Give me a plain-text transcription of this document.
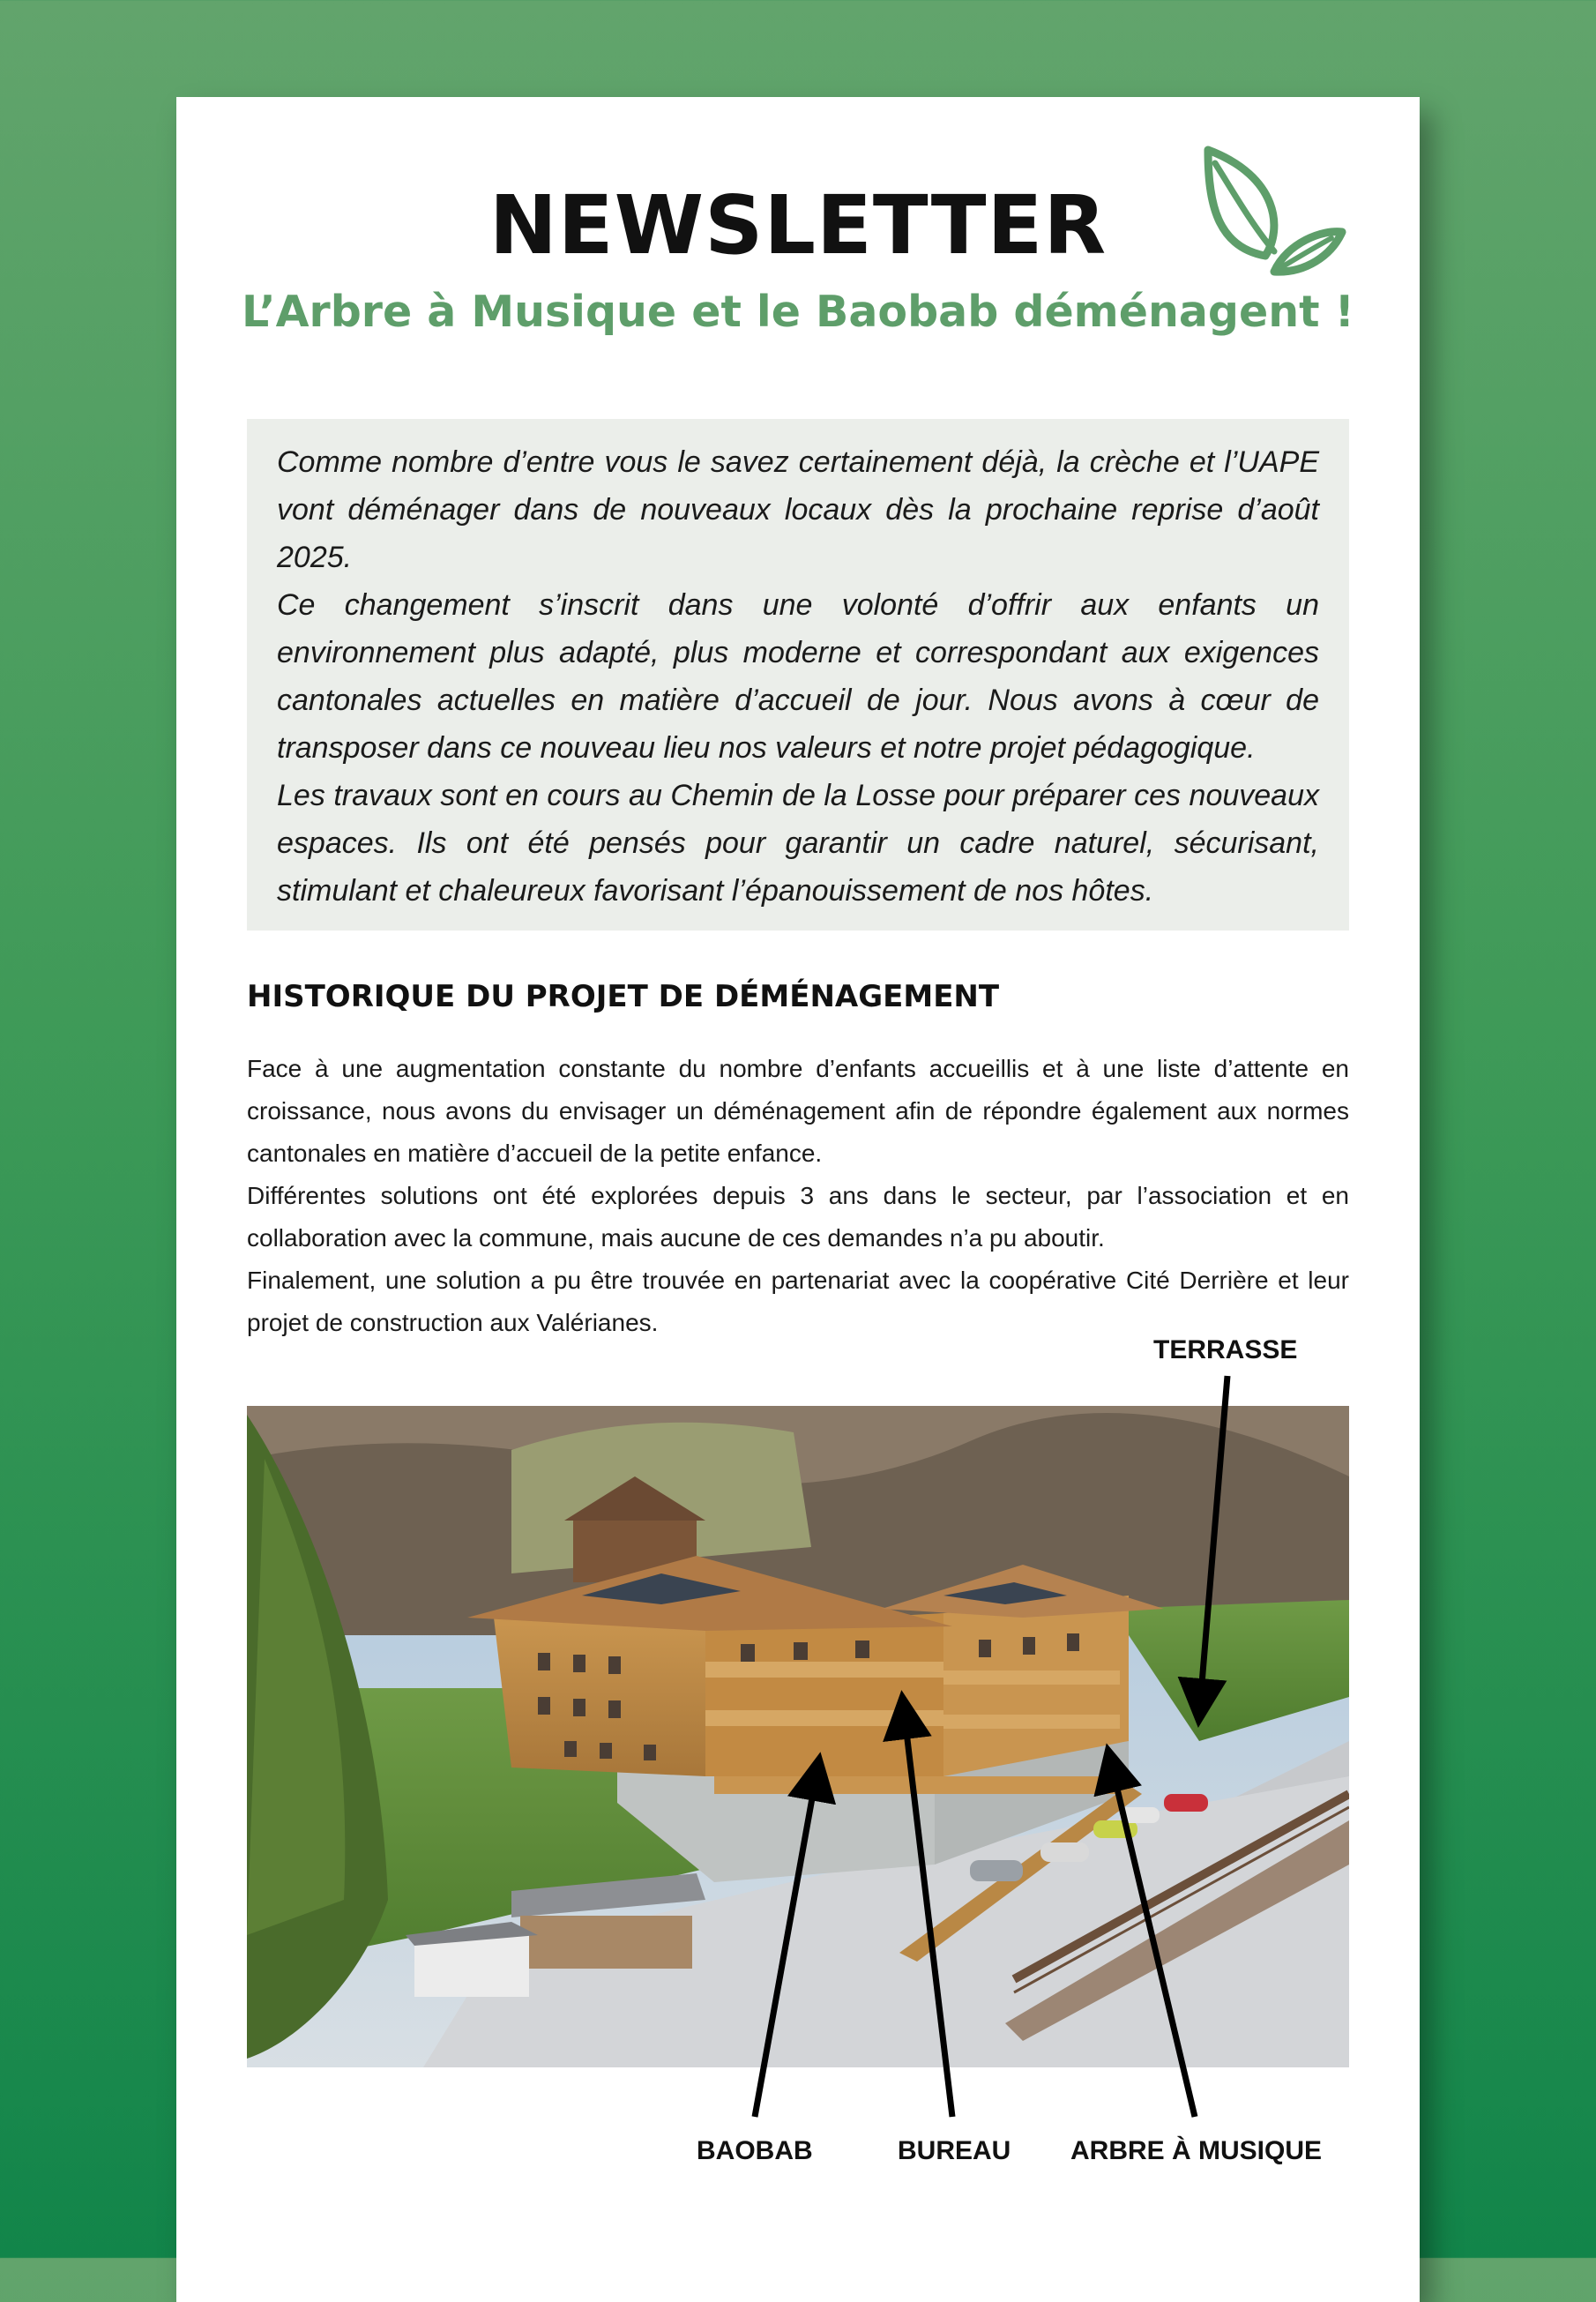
NEWSLETTER
L’Arbre à Musique et le Baobab déménagent !

Comme nombre d’entre vous le savez certainement déjà, la crèche et l’UAPE vont déménager dans de nouveaux locaux dès la prochaine reprise d’août 2025.

Ce changement s’inscrit dans une volonté d’offrir aux enfants un environnement plus adapté, plus moderne et correspondant aux exigences cantonales actuelles en matière d’accueil de jour. Nous avons à cœur de transposer dans ce nouveau lieu nos valeurs et notre projet pédagogique.

Les travaux sont en cours au Chemin de la Losse pour préparer ces nouveaux espaces. Ils ont été pensés pour garantir un cadre naturel, sécurisant, stimulant et chaleureux favorisant l’épanouissement de nos hôtes.

HISTORIQUE DU PROJET DE DÉMÉNAGEMENT

Face à une augmentation constante du nombre d’enfants accueillis et à une liste d’attente en croissance, nous avons du envisager un déménagement afin de répondre également aux normes cantonales en matière d’accueil de la petite enfance.

Différentes solutions ont été explorées depuis 3 ans dans le secteur, par l’association et en collaboration avec la commune, mais aucune de ces demandes n’a pu aboutir.

Finalement, une solution a pu être trouvée en partenariat avec la coopérative Cité Derrière et leur projet de construction aux Valérianes.

TERRASSE
BAOBAB	BUREAU ARBRE À MUSIQUE
